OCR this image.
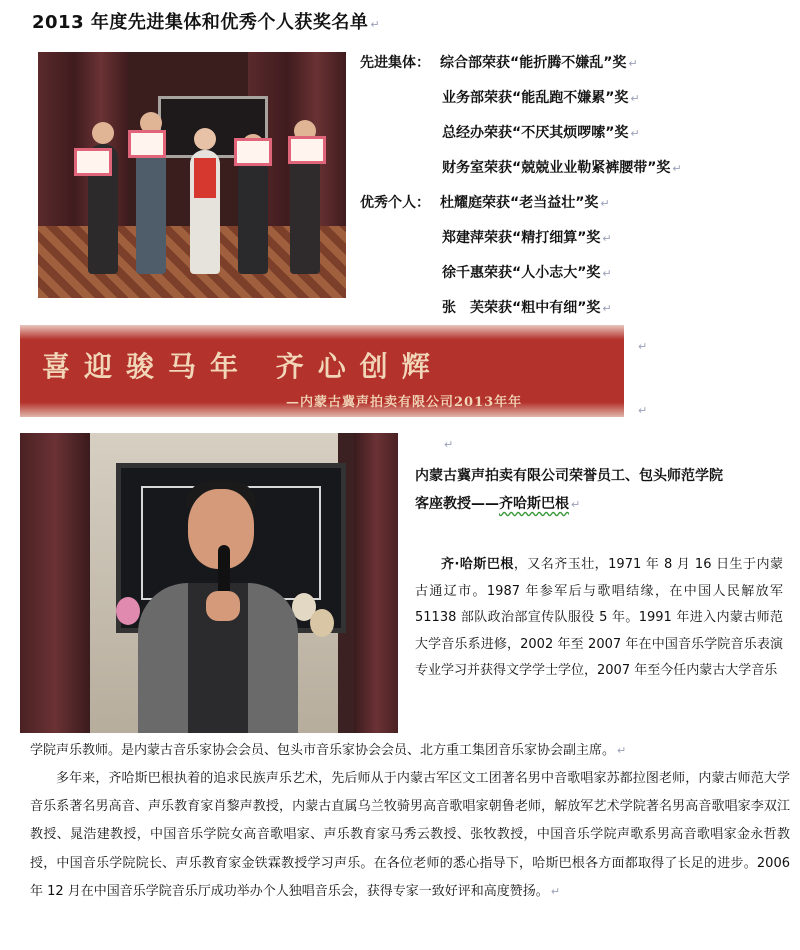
2013 年度先进集体和优秀个人获奖名单 ↵
先进集体： 综合部荣获“能折腾不嫌乱”奖 ↵
业务部荣获“能乱跑不嫌累”奖 ↵
总经办荣获“不厌其烦啰嗦”奖 ↵
财务室荣获“兢兢业业勒紧裤腰带”奖 ↵
优秀个人： 杜耀庭荣获“老当益壮”奖 ↵
郑建萍荣获“精打细算”奖 ↵
徐千惠荣获“人小志大”奖 ↵
张　芙荣获“粗中有细”奖 ↵
喜迎骏马年 齐心创辉
—内蒙古冀声拍卖有限公司2013年年
↵
↵
↵
内蒙古冀声拍卖有限公司荣誉员工、包头师范学院
客座教授——齐哈斯巴根 ↵
齐·哈斯巴根，又名齐玉壮，1971 年 8 月 16 日生于内蒙古通辽市。1987 年参军后与歌唱结缘，在中国人民解放军 51138 部队政治部宣传队服役 5 年。1991 年进入内蒙古师范大学音乐系进修，2002 年至 2007 年在中国音乐学院音乐表演专业学习并获得文学学士学位，2007 年至今任内蒙古大学音乐
学院声乐教师。是内蒙古音乐家协会会员、包头市音乐家协会会员、北方重工集团音乐家协会副主席。 ↵
多年来，齐哈斯巴根执着的追求民族声乐艺术，先后师从于内蒙古军区文工团著名男中音歌唱家苏都拉图老师，内蒙古师范大学音乐系著名男高音、声乐教育家肖黎声教授，内蒙古直属乌兰牧骑男高音歌唱家朝鲁老师，解放军艺术学院著名男高音歌唱家李双江教授、晁浩建教授，中国音乐学院女高音歌唱家、声乐教育家马秀云教授、张牧教授，中国音乐学院声歌系男高音歌唱家金永哲教授，中国音乐学院院长、声乐教育家金铁霖教授学习声乐。在各位老师的悉心指导下，哈斯巴根各方面都取得了长足的进步。2006 年 12 月在中国音乐学院音乐厅成功举办个人独唱音乐会，获得专家一致好评和高度赞扬。 ↵
